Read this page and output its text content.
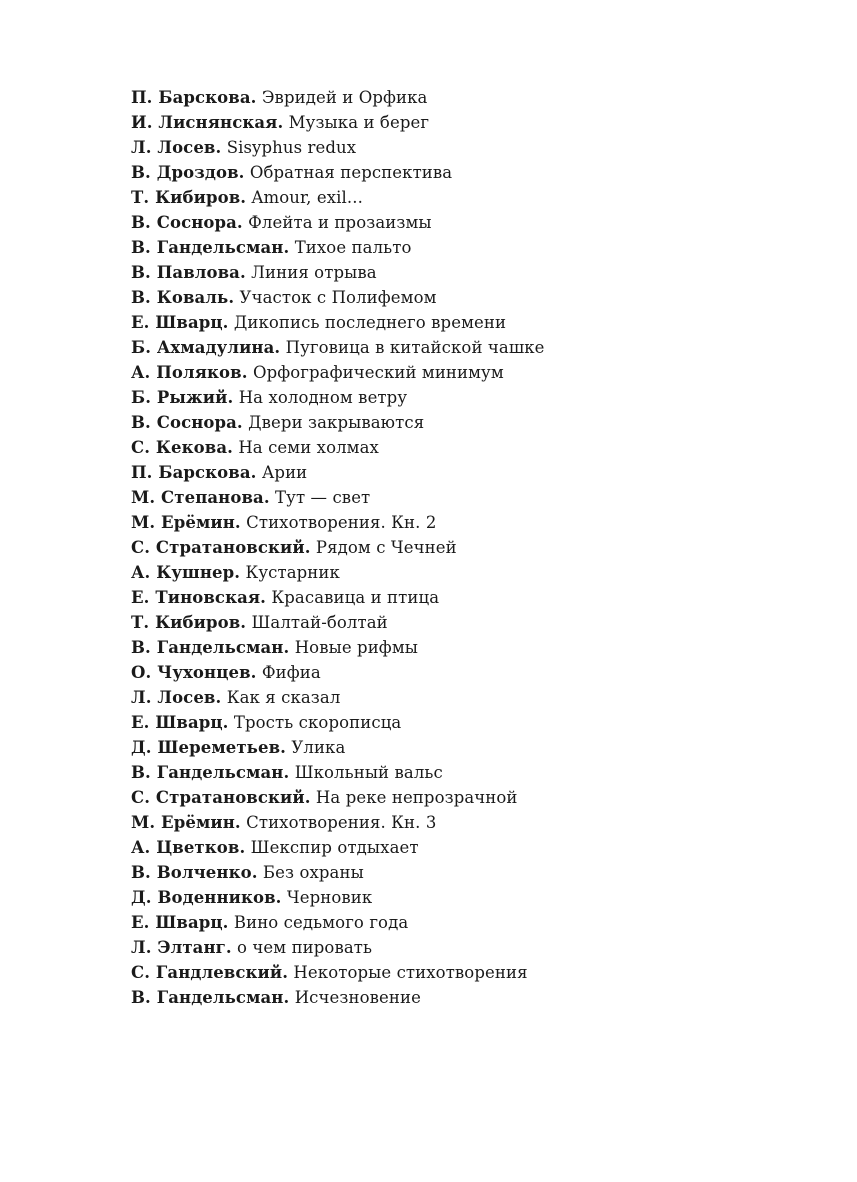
П. Барскова. Эвридей и Орфика
И. Лиснянская. Музыка и берег
Л. Лосев. Sisyphus redux
В. Дроздов. Обратная перспектива
Т. Кибиров. Amour, exil...
В. Соснора. Флейта и прозаизмы
В. Гандельсман. Тихое пальто
В. Павлова. Линия отрыва
В. Коваль. Участок с Полифемом
Е. Шварц. Дикопись последнего времени
Б. Ахмадулина. Пуговица в китайской чашке
А. Поляков. Орфографический минимум
Б. Рыжий. На холодном ветру
В. Соснора. Двери закрываются
С. Кекова. На семи холмах
П. Барскова. Арии
М. Степанова. Тут — свет
М. Ерёмин. Стихотворения. Кн. 2
С. Стратановский. Рядом с Чечней
А. Кушнер. Кустарник
Е. Тиновская. Красавица и птица
Т. Кибиров. Шалтай-болтай
В. Гандельсман. Новые рифмы
О. Чухонцев. Фифиа
Л. Лосев. Как я сказал
Е. Шварц. Трость скорописца
Д. Шереметьев. Улика
В. Гандельсман. Школьный вальс
С. Стратановский. На реке непрозрачной
М. Ерёмин. Стихотворения. Кн. 3
А. Цветков. Шекспир отдыхает
В. Волченко. Без охраны
Д. Воденников. Черновик
Е. Шварц. Вино седьмого года
Л. Элтанг. о чем пировать
С. Гандлевский. Некоторые стихотворения
В. Гандельсман. Исчезновение
